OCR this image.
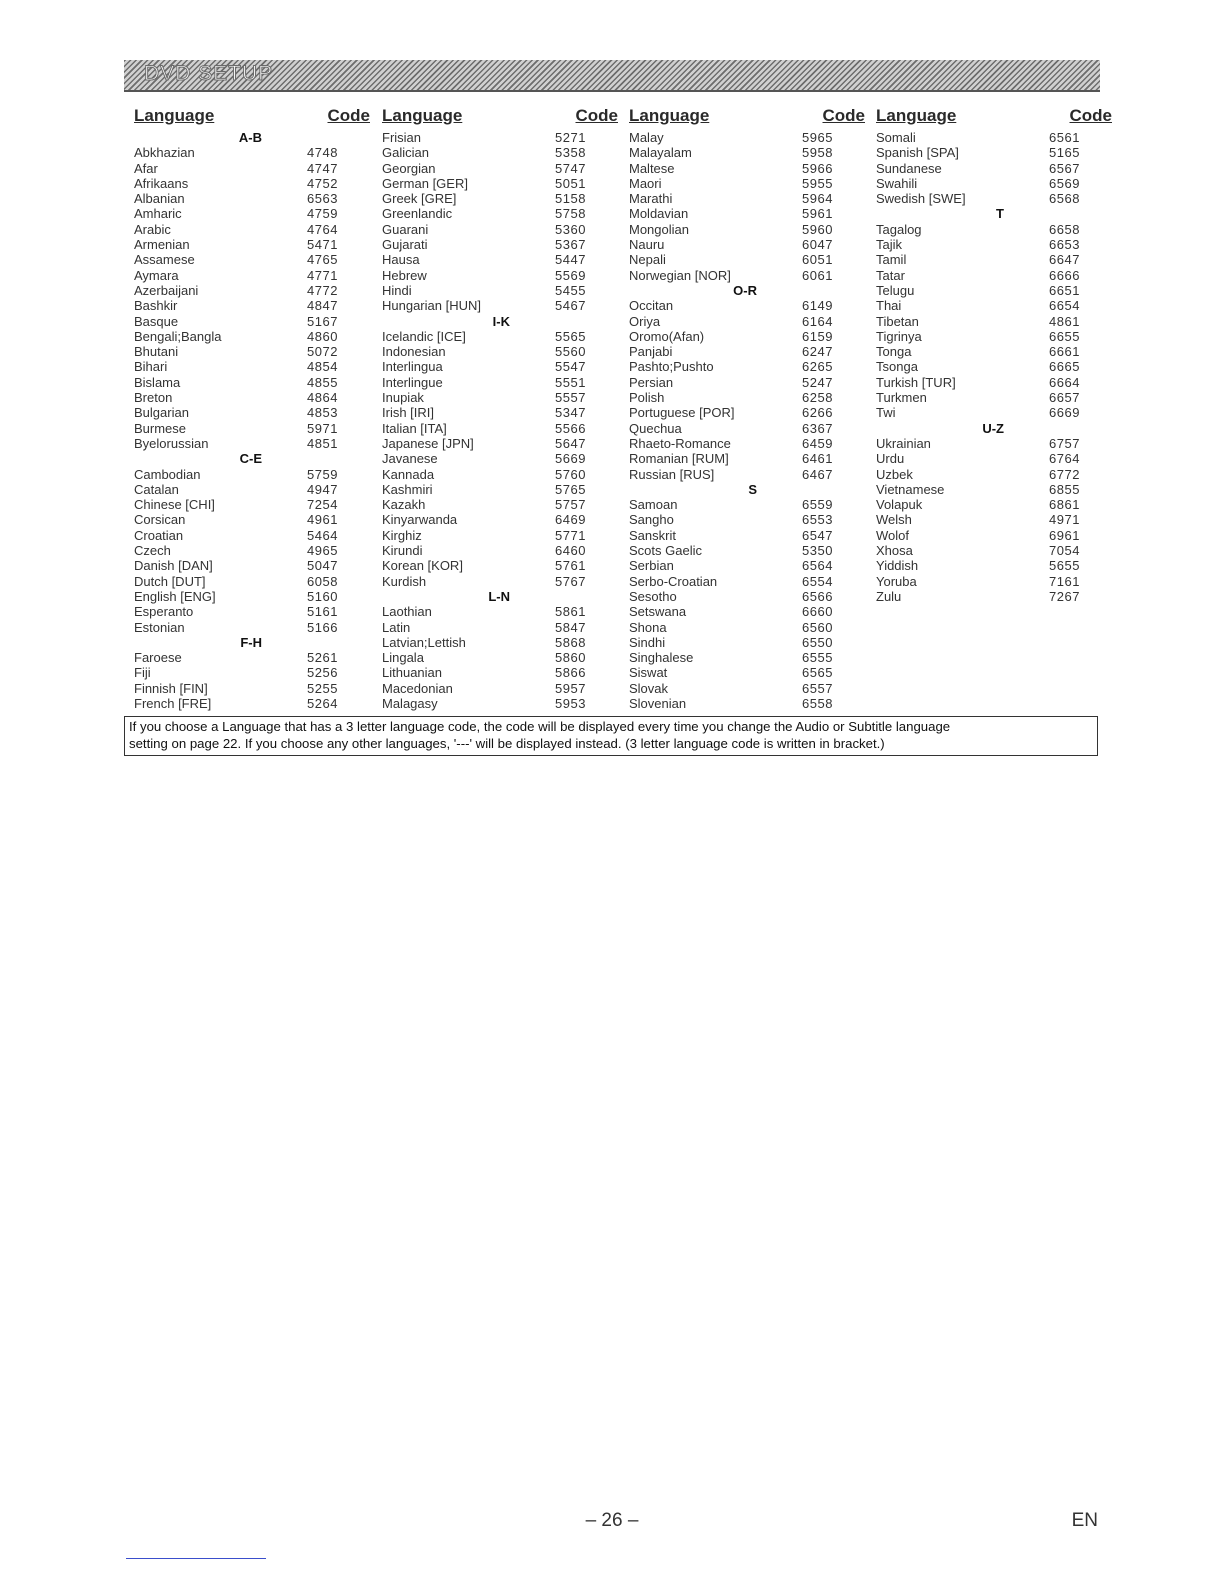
DVD SETUP
Language	Code
A-B
Abkhazian	4748
Afar	4747
Afrikaans	4752
Albanian	6563
Amharic	4759
Arabic	4764
Armenian	5471
Assamese	4765
Aymara	4771
Azerbaijani	4772
Bashkir	4847
Basque	5167
Bengali;Bangla	4860
Bhutani	5072
Bihari	4854
Bislama	4855
Breton	4864
Bulgarian	4853
Burmese	5971
Byelorussian	4851
C-E
Cambodian	5759
Catalan	4947
Chinese [CHI]	7254
Corsican	4961
Croatian	5464
Czech	4965
Danish [DAN]	5047
Dutch [DUT]	6058
English [ENG]	5160
Esperanto	5161
Estonian	5166
F-H
Faroese	5261
Fiji	5256
Finnish [FIN]	5255
French [FRE]	5264
Language	Code
Frisian	5271
Galician	5358
Georgian	5747
German [GER]	5051
Greek [GRE]	5158
Greenlandic	5758
Guarani	5360
Gujarati	5367
Hausa	5447
Hebrew	5569
Hindi	5455
Hungarian [HUN]	5467
I-K
Icelandic [ICE]	5565
Indonesian	5560
Interlingua	5547
Interlingue	5551
Inupiak	5557
Irish [IRI]	5347
Italian [ITA]	5566
Japanese [JPN]	5647
Javanese	5669
Kannada	5760
Kashmiri	5765
Kazakh	5757
Kinyarwanda	6469
Kirghiz	5771
Kirundi	6460
Korean [KOR]	5761
Kurdish	5767
L-N
Laothian	5861
Latin	5847
Latvian;Lettish	5868
Lingala	5860
Lithuanian	5866
Macedonian	5957
Malagasy	5953
Language	Code
Malay	5965
Malayalam	5958
Maltese	5966
Maori	5955
Marathi	5964
Moldavian	5961
Mongolian	5960
Nauru	6047
Nepali	6051
Norwegian [NOR]	6061
O-R
Occitan	6149
Oriya	6164
Oromo(Afan)	6159
Panjabi	6247
Pashto;Pushto	6265
Persian	5247
Polish	6258
Portuguese [POR]	6266
Quechua	6367
Rhaeto-Romance	6459
Romanian [RUM]	6461
Russian [RUS]	6467
S
Samoan	6559
Sangho	6553
Sanskrit	6547
Scots Gaelic	5350
Serbian	6564
Serbo-Croatian	6554
Sesotho	6566
Setswana	6660
Shona	6560
Sindhi	6550
Singhalese	6555
Siswat	6565
Slovak	6557
Slovenian	6558
Language	Code
Somali	6561
Spanish [SPA]	5165
Sundanese	6567
Swahili	6569
Swedish [SWE]	6568
T
Tagalog	6658
Tajik	6653
Tamil	6647
Tatar	6666
Telugu	6651
Thai	6654
Tibetan	4861
Tigrinya	6655
Tonga	6661
Tsonga	6665
Turkish [TUR]	6664
Turkmen	6657
Twi	6669
U-Z
Ukrainian	6757
Urdu	6764
Uzbek	6772
Vietnamese	6855
Volapuk	6861
Welsh	4971
Wolof	6961
Xhosa	7054
Yiddish	5655
Yoruba	7161
Zulu	7267
If you choose a Language that has a 3 letter language code, the code will be displayed every time you change the Audio or Subtitle language
setting on page 22. If you choose any other languages, '---' will be displayed instead. (3 letter language code is written in bracket.)
– 26 –	EN
